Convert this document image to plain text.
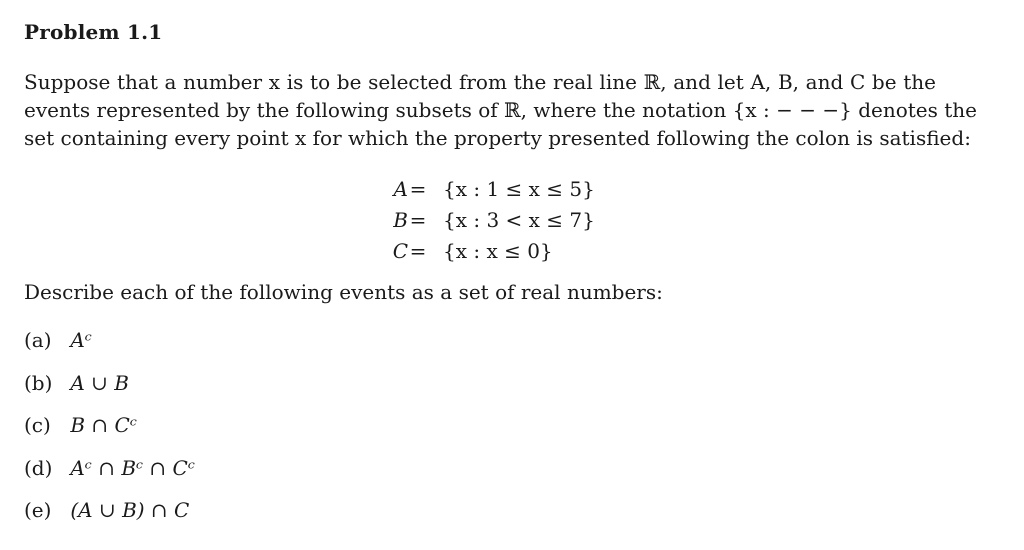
Problem 1.1
Suppose that a number x is to be selected from the real line ℝ, and let A, B, and C be the
events represented by the following subsets of ℝ, where the notation {x : − − −} denotes the
set containing every point x for which the property presented following the colon is satisfied:
A = {x : 1 ≤ x ≤ 5}
B = {x : 3 < x ≤ 7}
C = {x : x ≤ 0}
Describe each of the following events as a set of real numbers:
(a) Aᶜ
(b) A ∪ B
(c) B ∩ Cᶜ
(d) Aᶜ ∩ Bᶜ ∩ Cᶜ
(e) (A ∪ B) ∩ C
